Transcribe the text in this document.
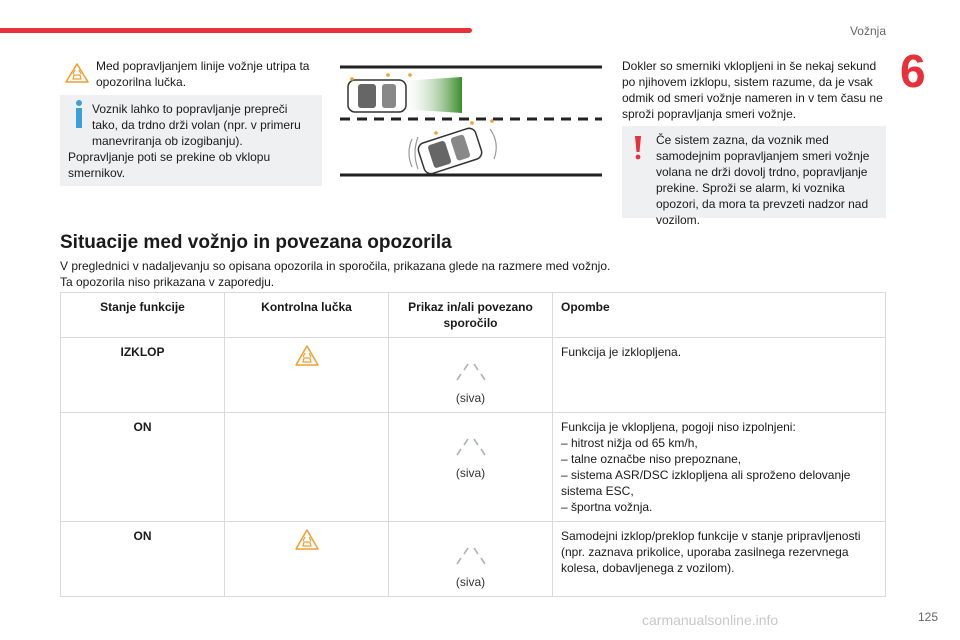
Vožnja
6

Med popravljanjem linije vožnje utripa ta opozorilna lučka.

Voznik lahko to popravljanje prepreči tako, da trdno drži volan (npr. v primeru manevriranja ob izogibanju).

Popravljanje poti se prekine ob vklopu smernikov.

Dokler so smerniki vklopljeni in še nekaj sekund po njihovem izklopu, sistem razume, da je vsak odmik od smeri vožnje nameren in v tem času ne sproži popravljanja smeri vožnje.

Če sistem zazna, da voznik med samodejnim popravljanjem smeri vožnje volana ne drži dovolj trdno, popravljanje prekine. Sproži se alarm, ki voznika opozori, da mora ta prevzeti nadzor nad vozilom.

Situacije med vožnjo in povezana opozorila

V preglednici v nadaljevanju so opisana opozorila in sporočila, prikazana glede na razmere med vožnjo.

Ta opozorila niso prikazana v zaporedju.

Stanje funkcije	Kontrolna lučka	Prikaz in/ali povezano sporočilo	Opombe
IZKLOP		(siva)	Funkcija je izklopljena.

ON		(siva)	Funkcija je vklopljena, pogoji niso izpolnjeni:
– hitrost nižja od 65 km/h,
– talne označbe niso prepoznane,
– sistema ASR/DSC izklopljena ali sproženo delovanje sistema ESC,
– športna vožnja.

ON		(siva)	Samodejni izklop/preklop funkcije v stanje pripravljenosti (npr. zaznava prikolice, uporaba zasilnega rezervnega kolesa, dobavljenega z vozilom).
carmanualsonline.info	125
